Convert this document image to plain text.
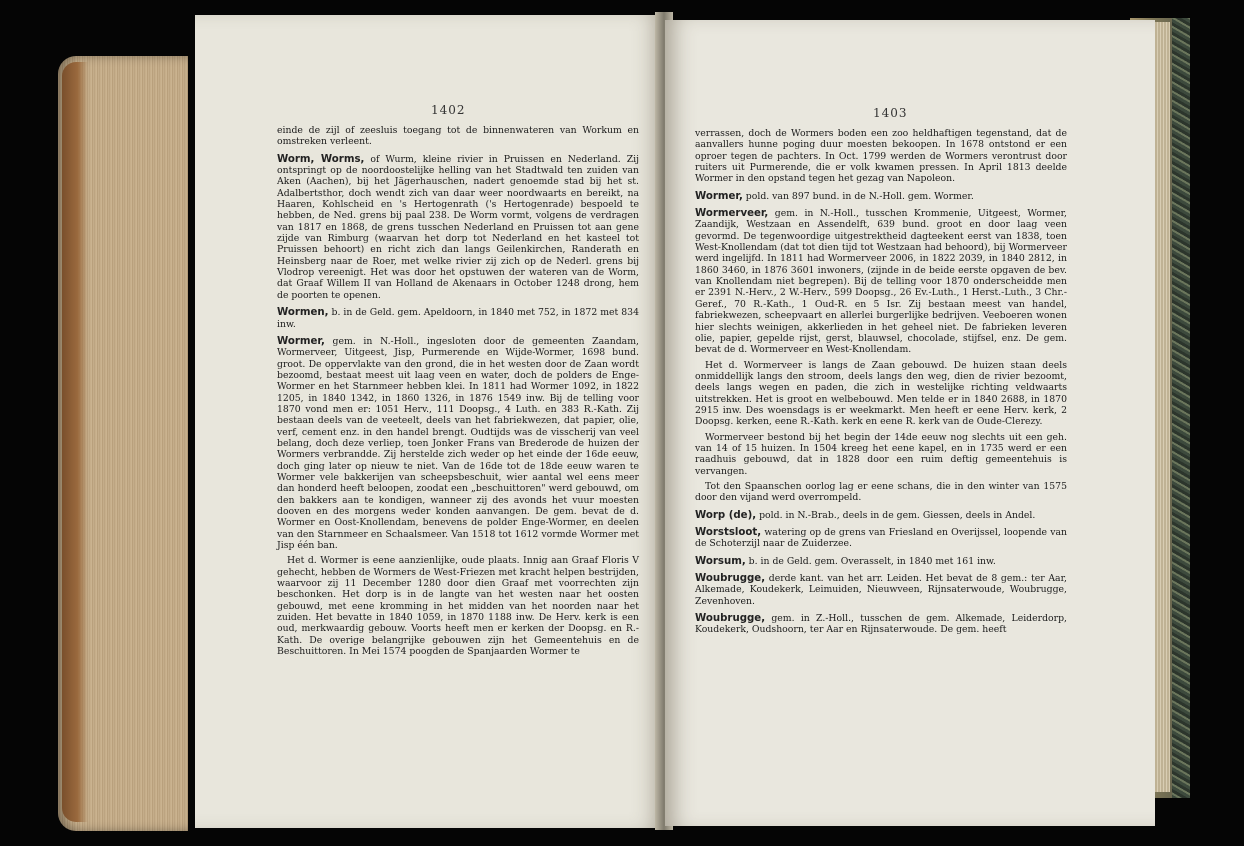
1402

einde de zijl of zeesluis toegang tot de binnenwateren van Workum en omstreken verleent.

Worm, Worms, of Wurm, kleine rivier in Pruissen en Nederland. Zij ontspringt op de noordoostelijke helling van het Stadtwald ten zuiden van Aken (Aachen), bij het Jägerhauschen, nadert genoemde stad bij het st. Adalbertsthor, doch wendt zich van daar weer noordwaarts en bereikt, na Haaren, Kohlscheid en 's Hertogenrath ('s Hertogenrade) bespoeld te hebben, de Ned. grens bij paal 238. De Worm vormt, volgens de verdragen van 1817 en 1868, de grens tusschen Nederland en Pruissen tot aan gene zijde van Rimburg (waarvan het dorp tot Nederland en het kasteel tot Pruissen behoort) en richt zich dan langs Geilenkirchen, Randerath en Heinsberg naar de Roer, met welke rivier zij zich op de Nederl. grens bij Vlodrop vereenigt. Het was door het opstuwen der wateren van de Worm, dat Graaf Willem II van Holland de Akenaars in October 1248 drong, hem de poorten te openen.

Wormen, b. in de Geld. gem. Apeldoorn, in 1840 met 752, in 1872 met 834 inw.

Wormer, gem. in N.-Holl., ingesloten door de gemeenten Zaandam, Wormerveer, Uitgeest, Jisp, Purmerende en Wijde-Wormer, 1698 bund. groot. De oppervlakte van den grond, die in het westen door de Zaan wordt bezoomd, bestaat meest uit laag veen en water, doch de polders de Enge-Wormer en het Starnmeer hebben klei. In 1811 had Wormer 1092, in 1822 1205, in 1840 1342, in 1860 1326, in 1876 1549 inw. Bij de telling voor 1870 vond men er: 1051 Herv., 111 Doopsg., 4 Luth. en 383 R.-Kath. Zij bestaan deels van de veeteelt, deels van het fabriekwezen, dat papier, olie, verf, cement enz. in den handel brengt. Oudtijds was de visscherij van veel belang, doch deze verliep, toen Jonker Frans van Brederode de huizen der Wormers verbrandde. Zij herstelde zich weder op het einde der 16de eeuw, doch ging later op nieuw te niet. Van de 16de tot de 18de eeuw waren te Wormer vele bakkerijen van scheepsbeschuit, wier aantal wel eens meer dan honderd heeft beloopen, zoodat een „beschuittoren" werd gebouwd, om den bakkers aan te kondigen, wanneer zij des avonds het vuur moesten dooven en des morgens weder konden aanvangen. De gem. bevat de d. Wormer en Oost-Knollendam, benevens de polder Enge-Wormer, en deelen van den Starnmeer en Schaalsmeer. Van 1518 tot 1612 vormde Wormer met Jisp één ban.

Het d. Wormer is eene aanzienlijke, oude plaats. Innig aan Graaf Floris V gehecht, hebben de Wormers de West-Friezen met kracht helpen bestrijden, waarvoor zij 11 December 1280 door dien Graaf met voorrechten zijn beschonken. Het dorp is in de langte van het westen naar het oosten gebouwd, met eene kromming in het midden van het noorden naar het zuiden. Het bevatte in 1840 1059, in 1870 1188 inw. De Herv. kerk is een oud, merkwaardig gebouw. Voorts heeft men er kerken der Doopsg. en R.-Kath. De overige belangrijke gebouwen zijn het Gemeentehuis en de Beschuittoren. In Mei 1574 poogden de Spanjaarden Wormer te

1403

verrassen, doch de Wormers boden een zoo heldhaftigen tegenstand, dat de aanvallers hunne poging duur moesten bekoopen. In 1678 ontstond er een oproer tegen de pachters. In Oct. 1799 werden de Wormers verontrust door ruiters uit Purmerende, die er volk kwamen pressen. In April 1813 deelde Wormer in den opstand tegen het gezag van Napoleon.

Wormer, pold. van 897 bund. in de N.-Holl. gem. Wormer.

Wormerveer, gem. in N.-Holl., tusschen Krommenie, Uitgeest, Wormer, Zaandijk, Westzaan en Assendelft, 639 bund. groot en door laag veen gevormd. De tegenwoordige uitgestrektheid dagteekent eerst van 1838, toen West-Knollendam (dat tot dien tijd tot Westzaan had behoord), bij Wormerveer werd ingelijfd. In 1811 had Wormerveer 2006, in 1822 2039, in 1840 2812, in 1860 3460, in 1876 3601 inwoners, (zijnde in de beide eerste opgaven de bev. van Knollendam niet begrepen). Bij de telling voor 1870 onderscheidde men er 2391 N.-Herv., 2 W.-Herv., 599 Doopsg., 26 Ev.-Luth., 1 Herst.-Luth., 3 Chr.-Geref., 70 R.-Kath., 1 Oud-R. en 5 Isr. Zij bestaan meest van handel, fabriekwezen, scheepvaart en allerlei burgerlijke bedrijven. Veeboeren wonen hier slechts weinigen, akkerlieden in het geheel niet. De fabrieken leveren olie, papier, gepelde rijst, gerst, blauwsel, chocolade, stijfsel, enz. De gem. bevat de d. Wormerveer en West-Knollendam.

Het d. Wormerveer is langs de Zaan gebouwd. De huizen staan deels onmiddellijk langs den stroom, deels langs den weg, dien de rivier bezoomt, deels langs wegen en paden, die zich in westelijke richting veldwaarts uitstrekken. Het is groot en welbebouwd. Men telde er in 1840 2688, in 1870 2915 inw. Des woensdags is er weekmarkt. Men heeft er eene Herv. kerk, 2 Doopsg. kerken, eene R.-Kath. kerk en eene R. kerk van de Oude-Clerezy.

Wormerveer bestond bij het begin der 14de eeuw nog slechts uit een geh. van 14 of 15 huizen. In 1504 kreeg het eene kapel, en in 1735 werd er een raadhuis gebouwd, dat in 1828 door een ruim deftig gemeentehuis is vervangen.

Tot den Spaanschen oorlog lag er eene schans, die in den winter van 1575 door den vijand werd overrompeld.

Worp (de), pold. in N.-Brab., deels in de gem. Giessen, deels in Andel.

Worstsloot, watering op de grens van Friesland en Overijssel, loopende van de Schoterzijl naar de Zuiderzee.

Worsum, b. in de Geld. gem. Overasselt, in 1840 met 161 inw.

Woubrugge, derde kant. van het arr. Leiden. Het bevat de 8 gem.: ter Aar, Alkemade, Koudekerk, Leimuiden, Nieuwveen, Rijnsaterwoude, Woubrugge, Zevenhoven.

Woubrugge, gem. in Z.-Holl., tusschen de gem. Alkemade, Leiderdorp, Koudekerk, Oudshoorn, ter Aar en Rijnsaterwoude. De gem. heeft
